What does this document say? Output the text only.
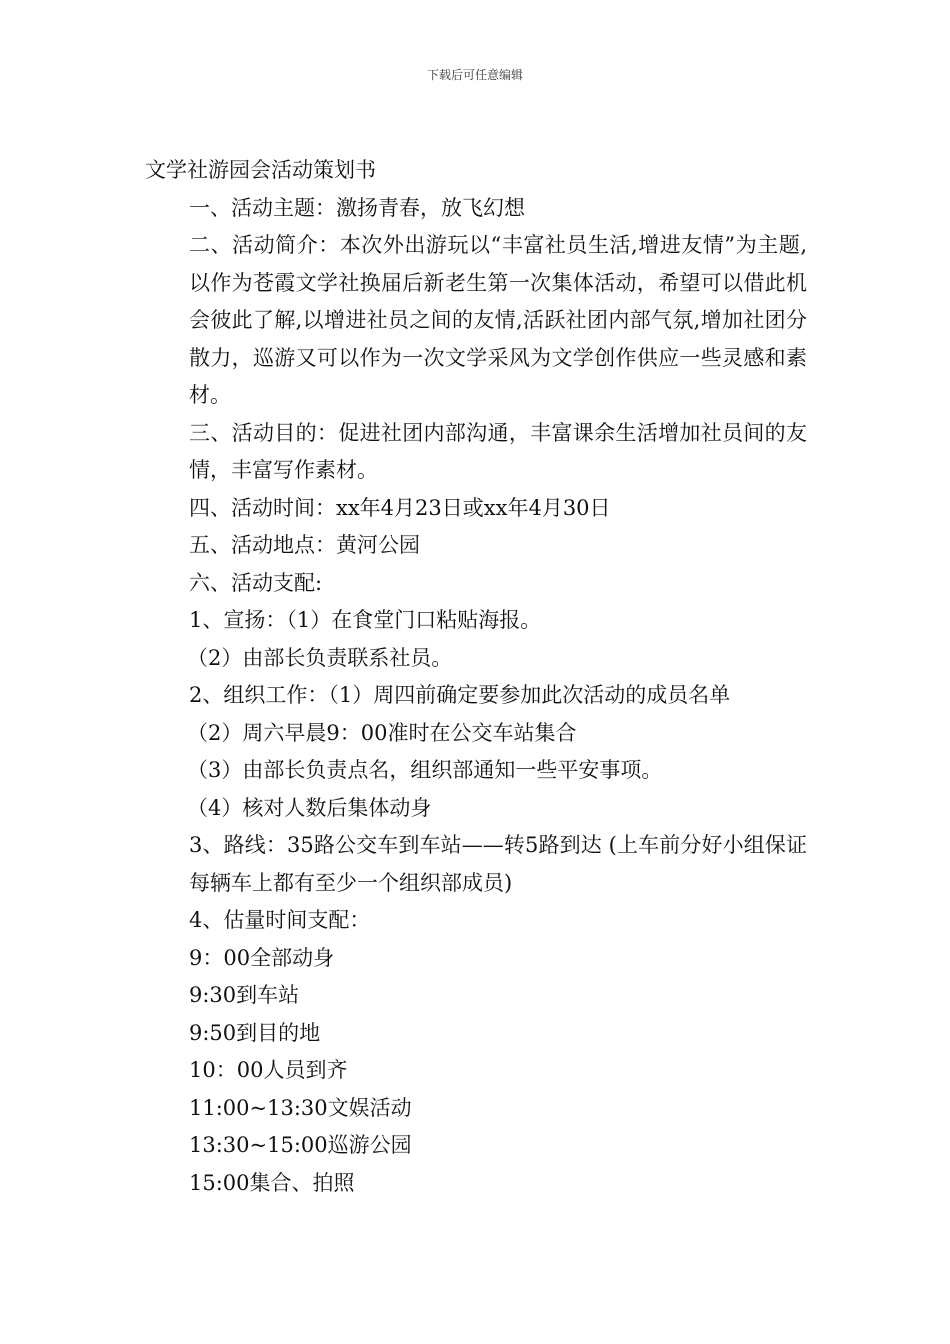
下载后可任意编辑

文学社游园会活动策划书

一、活动主题：激扬青春，放飞幻想

二、活动简介：本次外出游玩以“丰富社员生活,增进友情”为主题,以作为苍霞文学社换届后新老生第一次集体活动，希望可以借此机会彼此了解,以增进社员之间的友情,活跃社团内部气氛,增加社团分散力，巡游又可以作为一次文学采风为文学创作供应一些灵感和素材。

三、活动目的：促进社团内部沟通，丰富课余生活增加社员间的友情，丰富写作素材。

四、活动时间：xx年4月23日或xx年4月30日

五、活动地点：黄河公园

六、活动支配:

1、宣扬：（1）在食堂门口粘贴海报。

（2）由部长负责联系社员。

2、组织工作：（1）周四前确定要参加此次活动的成员名单

（2）周六早晨9：00准时在公交车站集合

（3）由部长负责点名，组织部通知一些平安事项。

（4）核对人数后集体动身

3、路线：35路公交车到车站——转5路到达 (上车前分好小组保证每辆车上都有至少一个组织部成员)

4、估量时间支配：

9：00全部动身

9:30到车站

9:50到目的地

10：00人员到齐

11:00~13:30文娱活动

13:30~15:00巡游公园

15:00集合、拍照
